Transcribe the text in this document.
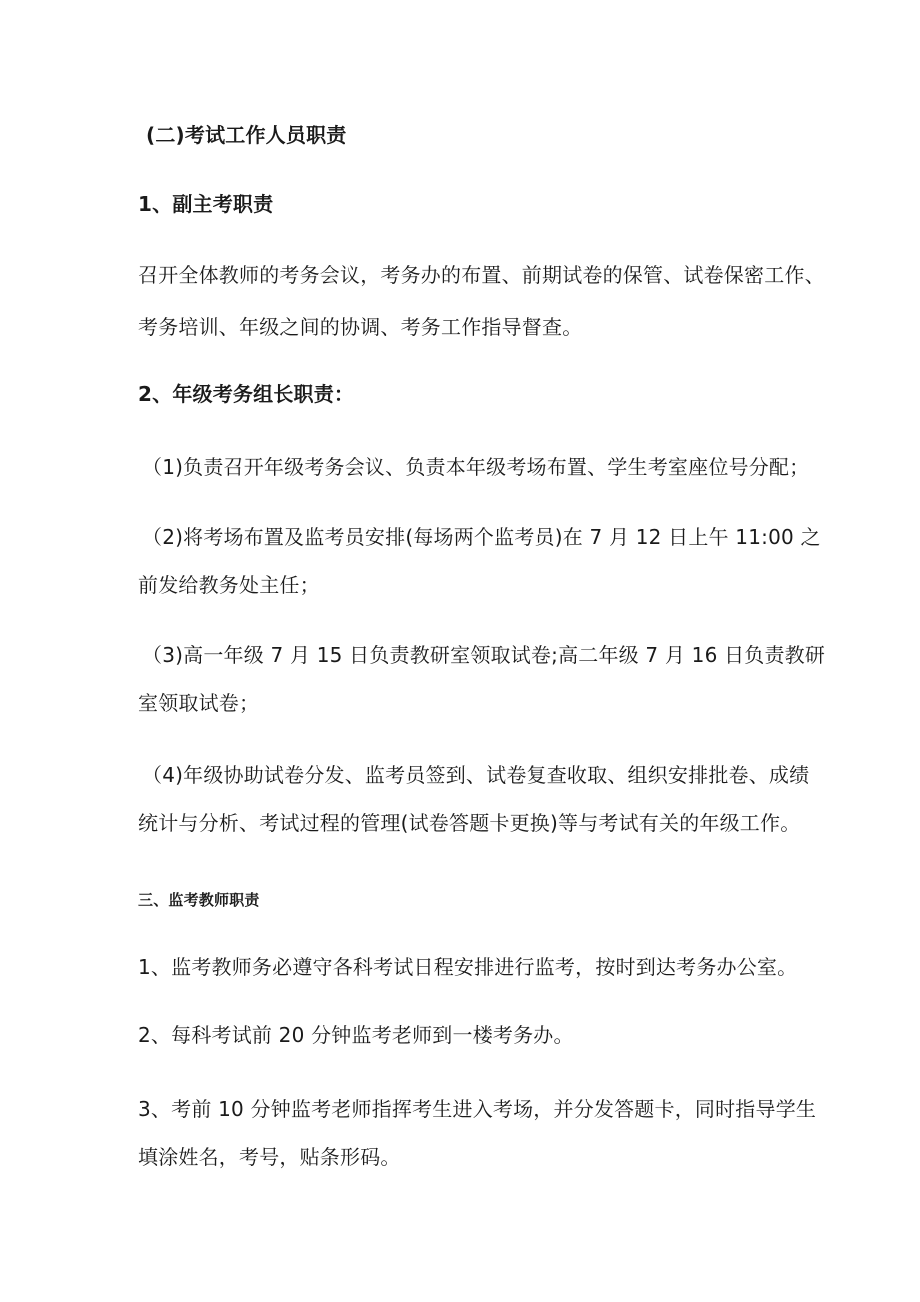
(二)考试工作人员职责
1、副主考职责
召开全体教师的考务会议，考务办的布置、前期试卷的保管、试卷保密工作、
考务培训、年级之间的协调、考务工作指导督查。
2、年级考务组长职责：
（1)负责召开年级考务会议、负责本年级考场布置、学生考室座位号分配；
（2)将考场布置及监考员安排(每场两个监考员)在 7 月 12 日上午 11:00 之
前发给教务处主任；
（3)高一年级 7 月 15 日负责教研室领取试卷;高二年级 7 月 16 日负责教研
室领取试卷；
（4)年级协助试卷分发、监考员签到、试卷复查收取、组织安排批卷、成绩
统计与分析、考试过程的管理(试卷答题卡更换)等与考试有关的年级工作。
三、监考教师职责
1、监考教师务必遵守各科考试日程安排进行监考，按时到达考务办公室。
2、每科考试前 20 分钟监考老师到一楼考务办。
3、考前 10 分钟监考老师指挥考生进入考场，并分发答题卡，同时指导学生
填涂姓名，考号，贴条形码。
